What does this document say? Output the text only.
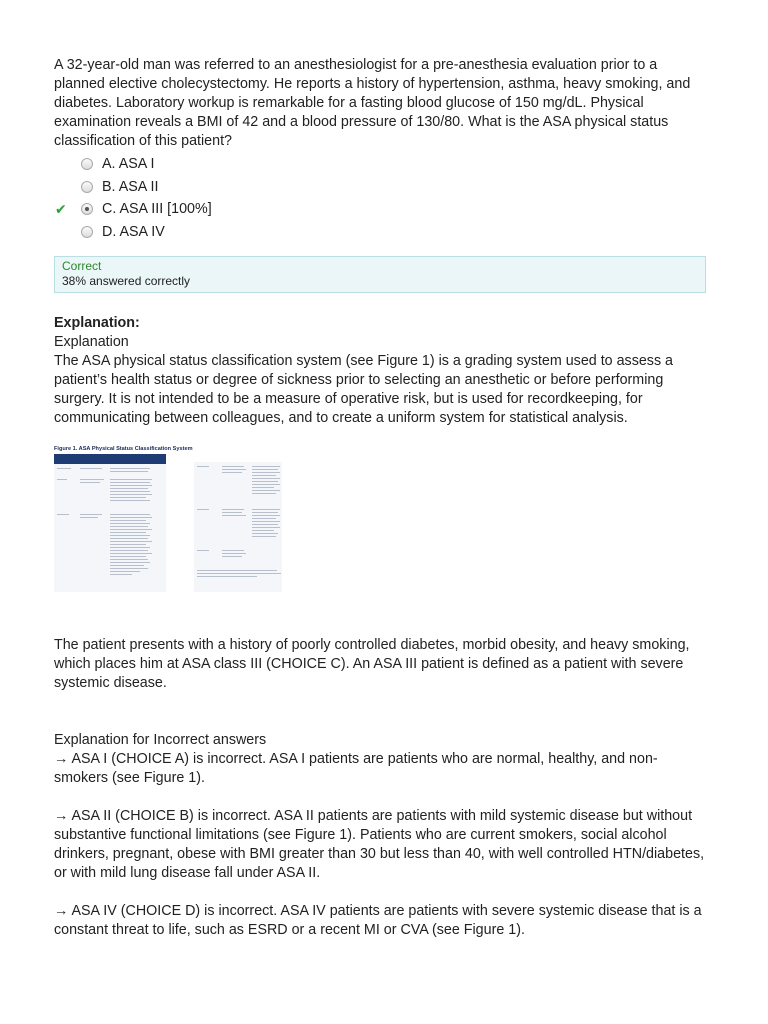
A 32-year-old man was referred to an anesthesiologist for a pre-anesthesia evaluation prior to a planned elective cholecystectomy. He reports a history of hypertension, asthma, heavy smoking, and diabetes. Laboratory workup is remarkable for a fasting blood glucose of 150 mg/dL. Physical examination reveals a BMI of 42 and a blood pressure of 130/80. What is the ASA physical status classification of this patient?

A. ASA I
B. ASA II
✔ C. ASA III [100%]
D. ASA IV
Correct
38% answered correctly
Explanation:

Explanation

The ASA physical status classification system (see Figure 1) is a grading system used to assess a patient’s health status or degree of sickness prior to selecting an anesthetic or before performing surgery. It is not intended to be a measure of operative risk, but is used for recordkeeping, for communicating between colleagues, and to create a uniform system for statistical analysis.

Figure 1. ASA Physical Status Classification System

The patient presents with a history of poorly controlled diabetes, morbid obesity, and heavy smoking, which places him at ASA class III (CHOICE C). An ASA III patient is defined as a patient with severe systemic disease.

Explanation for Incorrect answers

→ ASA I (CHOICE A) is incorrect. ASA I patients are patients who are normal, healthy, and non-smokers (see Figure 1).

→ ASA II (CHOICE B) is incorrect. ASA II patients are patients with mild systemic disease but without substantive functional limitations (see Figure 1). Patients who are current smokers, social alcohol drinkers, pregnant, obese with BMI greater than 30 but less than 40, with well controlled HTN/diabetes, or with mild lung disease fall under ASA II.

→ ASA IV (CHOICE D) is incorrect. ASA IV patients are patients with severe systemic disease that is a constant threat to life, such as ESRD or a recent MI or CVA (see Figure 1).
